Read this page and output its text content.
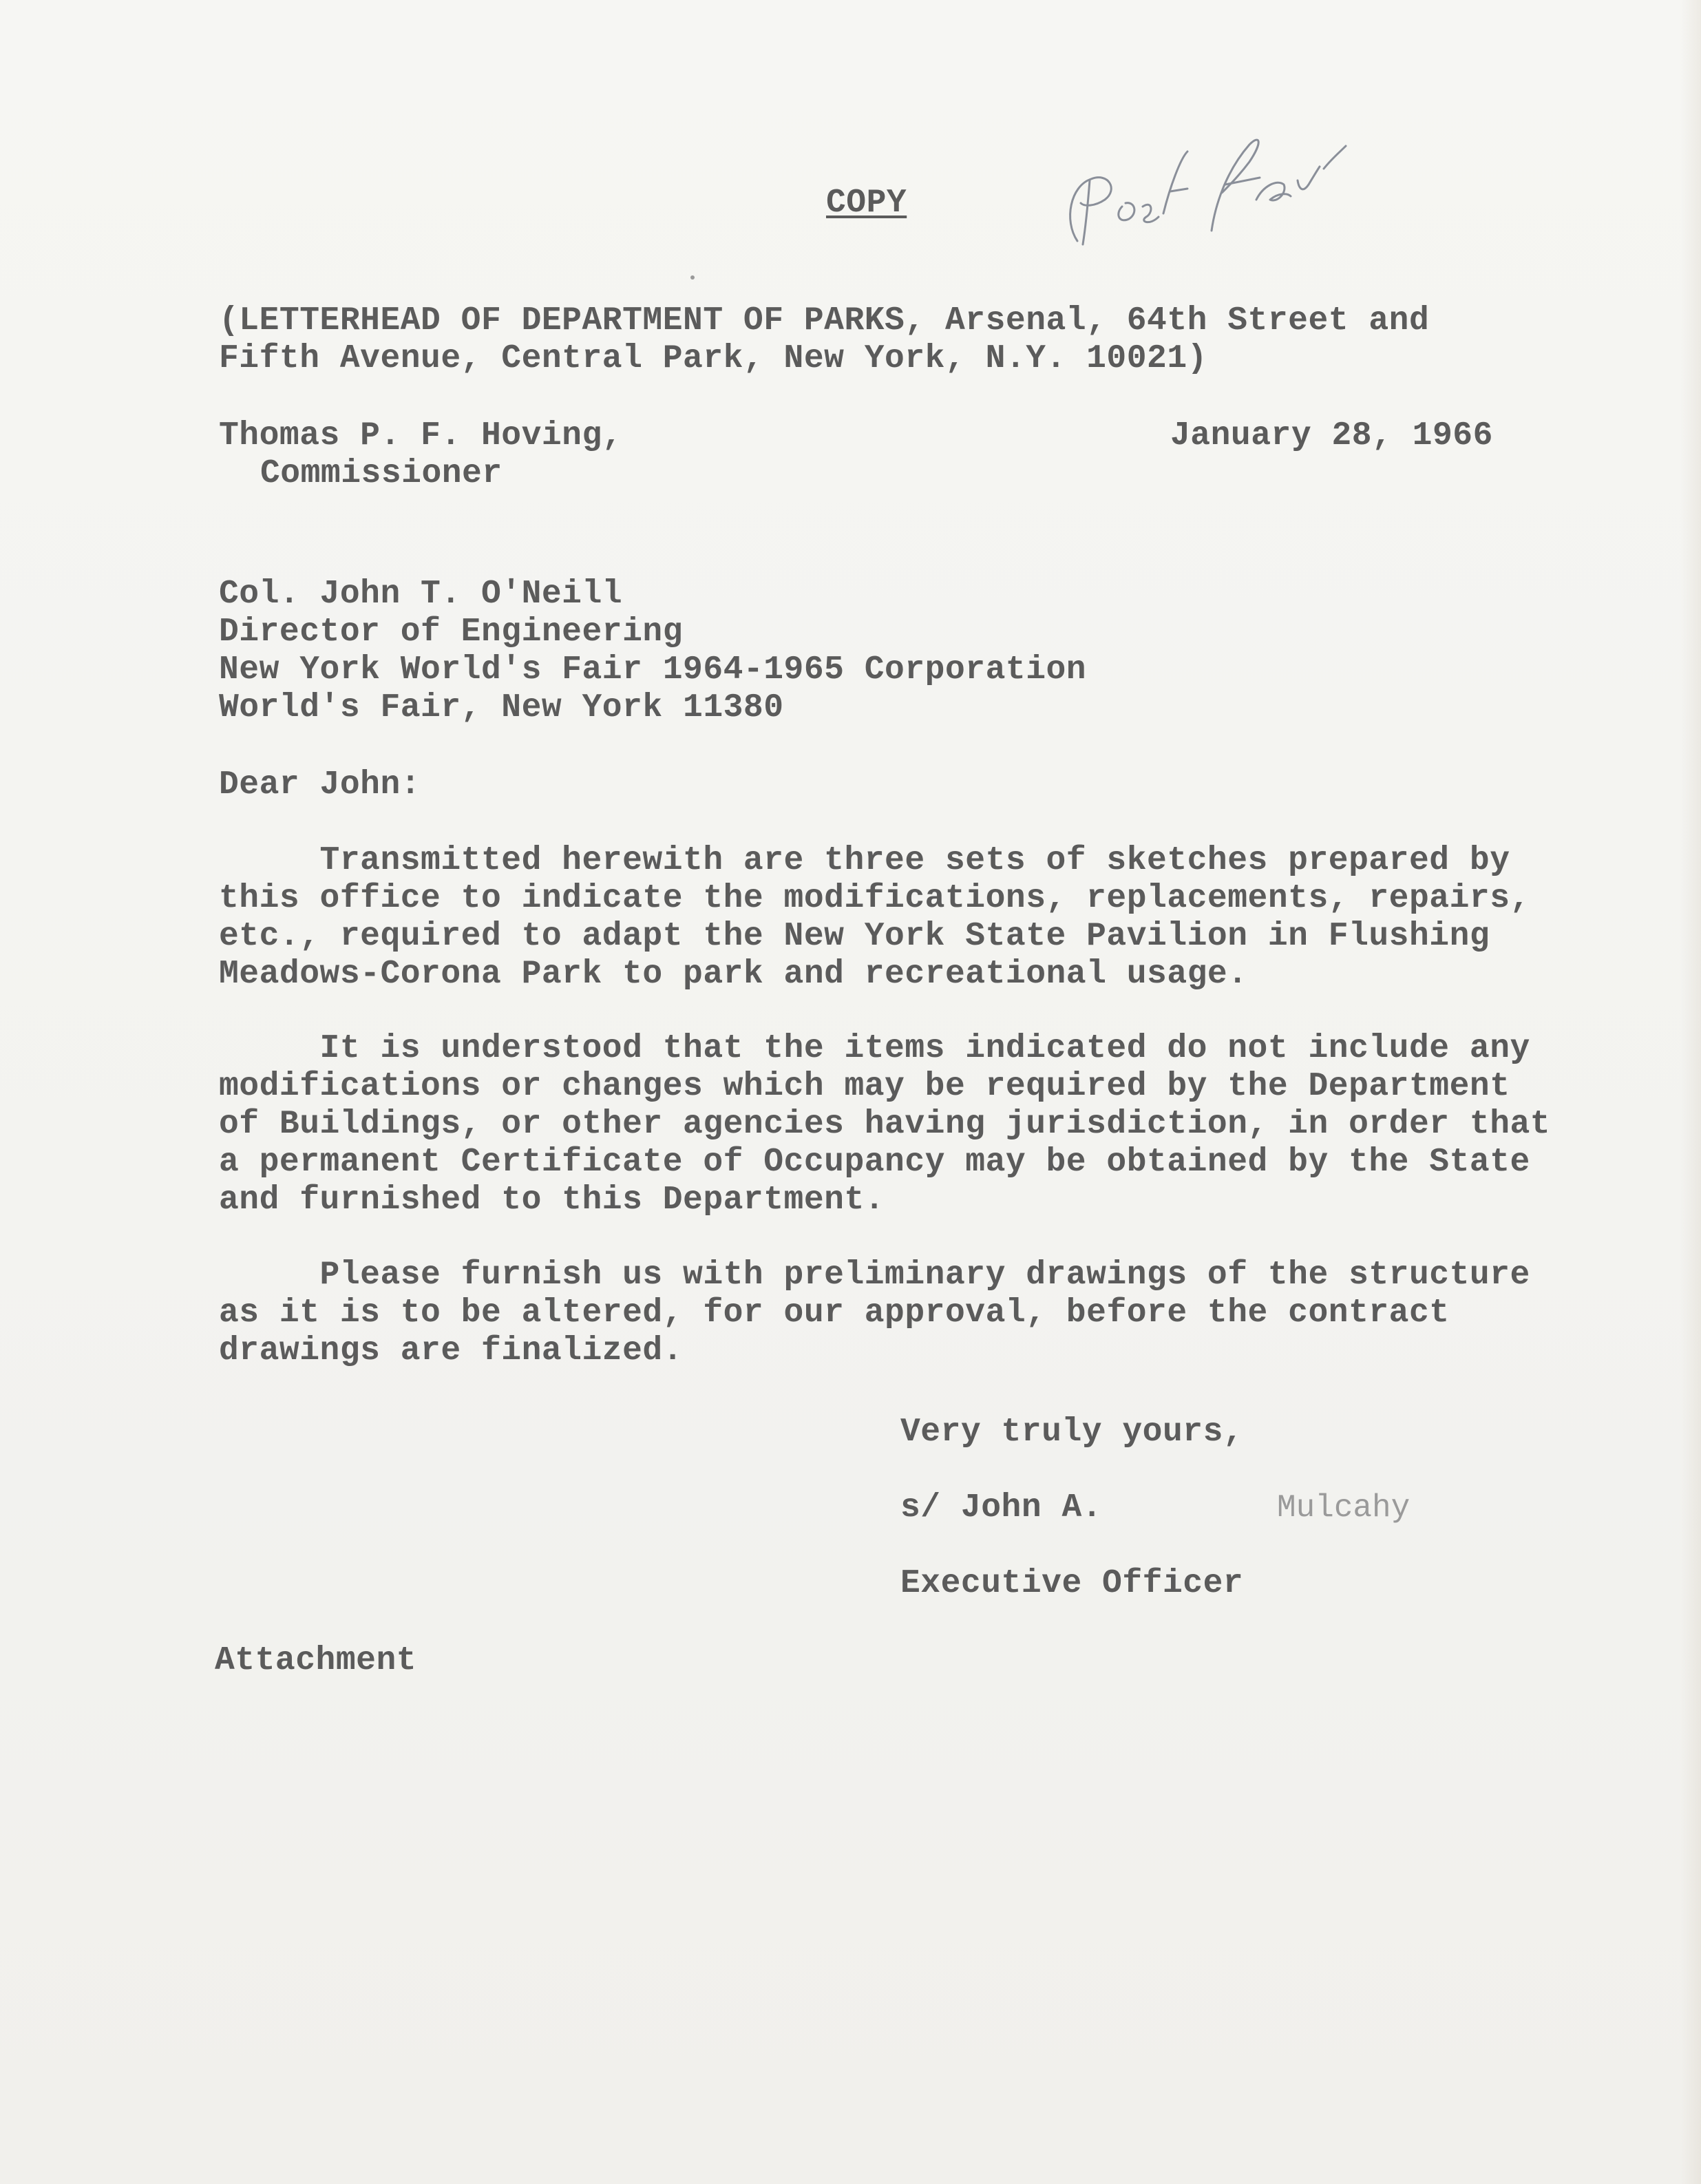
COPY
(LETTERHEAD OF DEPARTMENT OF PARKS, Arsenal, 64th Street and
Fifth Avenue, Central Park, New York, N.Y. 10021)
Thomas P. F. Hoving,
Commissioner
January 28, 1966
Col. John T. O'Neill
Director of Engineering
New York World's Fair 1964-1965 Corporation
World's Fair, New York 11380
Dear John:
Transmitted herewith are three sets of sketches prepared by
this office to indicate the modifications, replacements, repairs,
etc., required to adapt the New York State Pavilion in Flushing
Meadows-Corona Park to park and recreational usage.
It is understood that the items indicated do not include any
modifications or changes which may be required by the Department
of Buildings, or other agencies having jurisdiction, in order that
a permanent Certificate of Occupancy may be obtained by the State
and furnished to this Department.
Please furnish us with preliminary drawings of the structure
as it is to be altered, for our approval, before the contract
drawings are finalized.
Very truly yours,
s/ John A.	Mulcahy
Executive Officer
Attachment
